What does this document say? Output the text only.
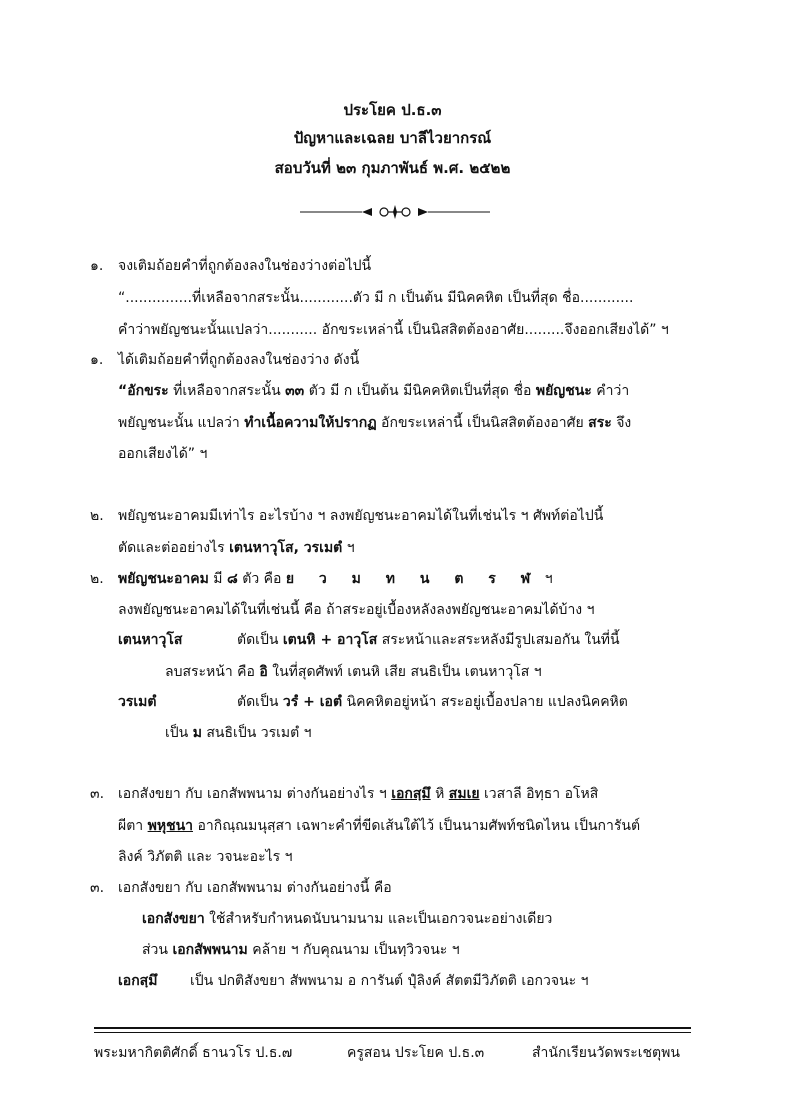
ประโยค ป.ธ.๓
ปัญหาและเฉลย บาลีไวยากรณ์
สอบวันที่ ๒๓ กุมภาพันธ์ พ.ศ. ๒๕๒๒
๑. จงเติมถ้อยคำที่ถูกต้องลงในช่องว่างต่อไปนี้
“...............ที่เหลือจากสระนั้น............ตัว มี ก เป็นต้น มีนิคคหิต เป็นที่สุด ชื่อ............
คำว่าพยัญชนะนั้นแปลว่า........... อักขระเหล่านี้ เป็นนิสสิตต้องอาศัย.........จึงออกเสียงได้” ฯ
๑. ได้เติมถ้อยคำที่ถูกต้องลงในช่องว่าง ดังนี้
“อักขระ ที่เหลือจากสระนั้น ๓๓ ตัว มี ก เป็นต้น มีนิคคหิตเป็นที่สุด ชื่อ พยัญชนะ คำว่า
พยัญชนะนั้น แปลว่า ทำเนื้อความให้ปรากฏ อักขระเหล่านี้ เป็นนิสสิตต้องอาศัย สระ จึง
ออกเสียงได้” ฯ
๒. พยัญชนะอาคมมีเท่าไร อะไรบ้าง ฯ ลงพยัญชนะอาคมได้ในที่เช่นไร ฯ ศัพท์ต่อไปนี้
ตัดและต่ออย่างไร เตนหาวุโส, วรเมตํ ฯ
๒. พยัญชนะอาคม มี ๘ ตัว คือ ย ว ม ท น ต ร ฬ ฯ
ลงพยัญชนะอาคมได้ในที่เช่นนี้ คือ ถ้าสระอยู่เบื้องหลังลงพยัญชนะอาคมได้บ้าง ฯ
เตนหาวุโส	ตัดเป็น เตนหิ + อาวุโส สระหน้าและสระหลังมีรูปเสมอกัน ในที่นี้
ลบสระหน้า คือ อิ ในที่สุดศัพท์ เตนหิ เสีย สนธิเป็น เตนหาวุโส ฯ
วรเมตํ	ตัดเป็น วรํ + เอตํ นิคคหิตอยู่หน้า สระอยู่เบื้องปลาย แปลงนิคคหิต
เป็น ม สนธิเป็น วรเมตํ ฯ
๓. เอกสังขยา กับ เอกสัพพนาม ต่างกันอย่างไร ฯ เอกสฺมึ หิ สมเย เวสาลี อิทฺธา อโหสิ
ผีตา พหุชนา อากิณฺณมนุสฺสา เฉพาะคำที่ขีดเส้นใต้ไว้ เป็นนามศัพท์ชนิดไหน เป็นการันต์
ลิงค์ วิภัตติ และ วจนะอะไร ฯ
๓. เอกสังขยา กับ เอกสัพพนาม ต่างกันอย่างนี้ คือ
เอกสังขยา ใช้สำหรับกำหนดนับนามนาม และเป็นเอกวจนะอย่างเดียว
ส่วน เอกสัพพนาม คล้าย ฯ กับคุณนาม เป็นทฺวิวจนะ ฯ
เอกสฺมึ เป็น ปกติสังขยา สัพพนาม อ การันต์ ปุํลิงค์ สัตตมีวิภัตติ เอกวจนะ ฯ
พระมหากิตติศักดิ์ ธานวโร ป.ธ.๗	ครูสอน ประโยค ป.ธ.๓	สำนักเรียนวัดพระเชตุพน
